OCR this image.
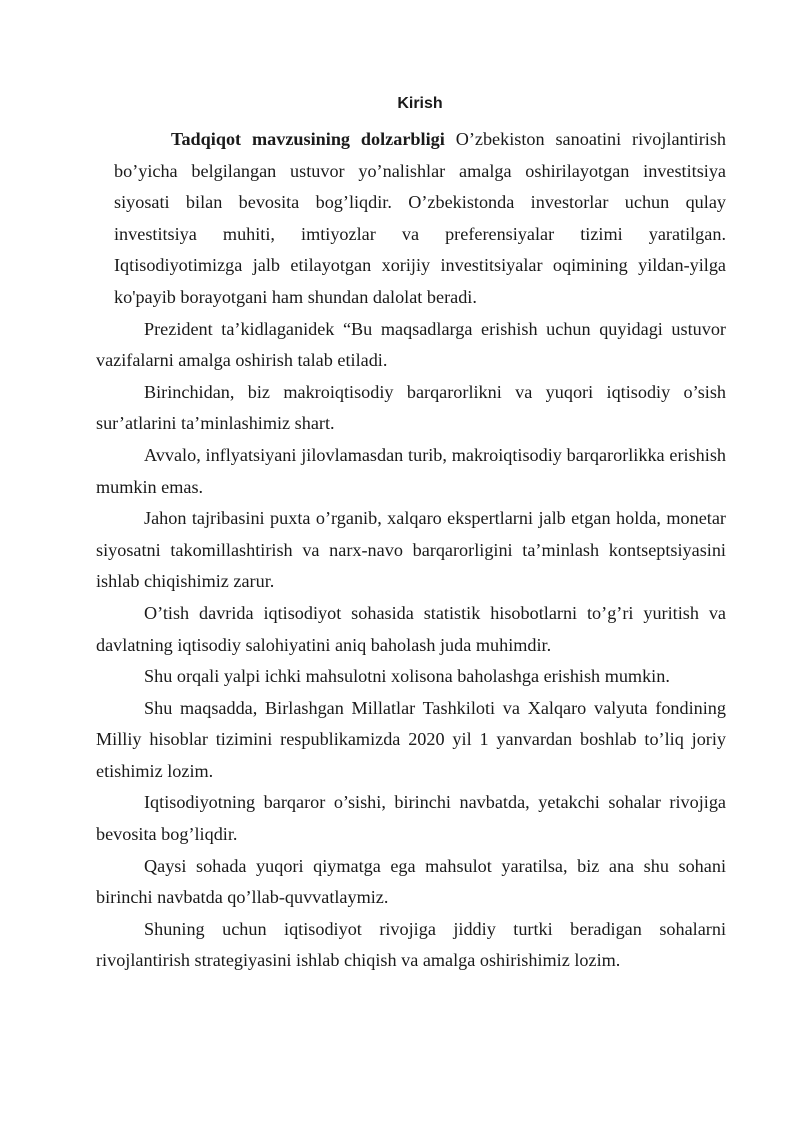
Kirish

Tadqiqot mavzusining dolzarbligi O’zbekiston sanoatini rivojlantirish bo’yicha belgilangan ustuvor yo’nalishlar amalga oshirilayotgan investitsiya siyosati bilan bevosita bog’liqdir. O’zbekistonda investorlar uchun qulay investitsiya muhiti, imtiyozlar va preferensiyalar tizimi yaratilgan. Iqtisodiyotimizga jalb etilayotgan xorijiy investitsiyalar oqimining yildan-yilga ko'payib borayotgani ham shundan dalolat beradi.

Prezident ta’kidlaganidek “Bu maqsadlarga erishish uchun quyidagi ustuvor vazifalarni amalga oshirish talab etiladi.

Birinchidan, biz makroiqtisodiy barqarorlikni va yuqori iqtisodiy o’sish sur’atlarini ta’minlashimiz shart.

Avvalo, inflyatsiyani jilovlamasdan turib, makroiqtisodiy barqarorlikka erishish mumkin emas.

Jahon tajribasini puxta o’rganib, xalqaro ekspertlarni jalb etgan holda, monetar siyosatni takomillashtirish va narx-navo barqarorligini ta’minlash kontseptsiyasini ishlab chiqishimiz zarur.

O’tish davrida iqtisodiyot sohasida statistik hisobotlarni to’g’ri yuritish va davlatning iqtisodiy salohiyatini aniq baholash juda muhimdir.

Shu orqali yalpi ichki mahsulotni xolisona baholashga erishish mumkin.

Shu maqsadda, Birlashgan Millatlar Tashkiloti va Xalqaro valyuta fondining Milliy hisoblar tizimini respublikamizda 2020 yil 1 yanvardan boshlab to’liq joriy etishimiz lozim.

Iqtisodiyotning barqaror o’sishi, birinchi navbatda, yetakchi sohalar rivojiga bevosita bog’liqdir.

Qaysi sohada yuqori qiymatga ega mahsulot yaratilsa, biz ana shu sohani birinchi navbatda qo’llab-quvvatlaymiz.

Shuning uchun iqtisodiyot rivojiga jiddiy turtki beradigan sohalarni rivojlantirish strategiyasini ishlab chiqish va amalga oshirishimiz lozim.
